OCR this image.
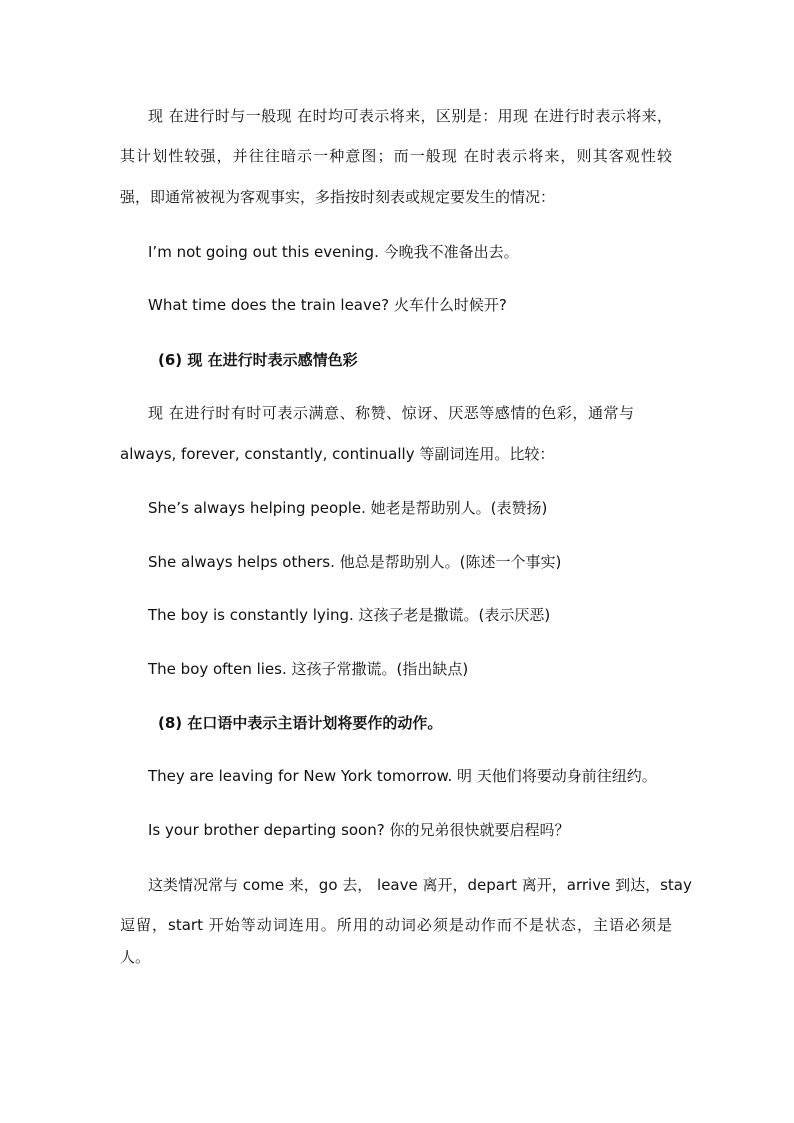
现 在进行时与一般现 在时均可表示将来，区别是：用现 在进行时表示将来，
其计划性较强，并往往暗示一种意图；而一般现 在时表示将来，则其客观性较
强，即通常被视为客观事实，多指按时刻表或规定要发生的情况：
I’m not going out this evening. 今晚我不准备出去。
What time does the train leave? 火车什么时候开?
(6) 现 在进行时表示感情色彩
现 在进行时有时可表示满意、称赞、惊讶、厌恶等感情的色彩，通常与
always, forever, constantly, continually 等副词连用。比较：
She’s always helping people. 她老是帮助别人。(表赞扬)
She always helps others. 他总是帮助别人。(陈述一个事实)
The boy is constantly lying. 这孩子老是撒谎。(表示厌恶)
The boy often lies. 这孩子常撒谎。(指出缺点)
(8) 在口语中表示主语计划将要作的动作。
They are leaving for New York tomorrow. 明 天他们将要动身前往纽约。
Is your brother departing soon? 你的兄弟很快就要启程吗？
这类情况常与 come 来，go 去， leave 离开，depart 离开，arrive 到达，stay
逗留，start 开始等动词连用。所用的动词必须是动作而不是状态，主语必须是
人。
